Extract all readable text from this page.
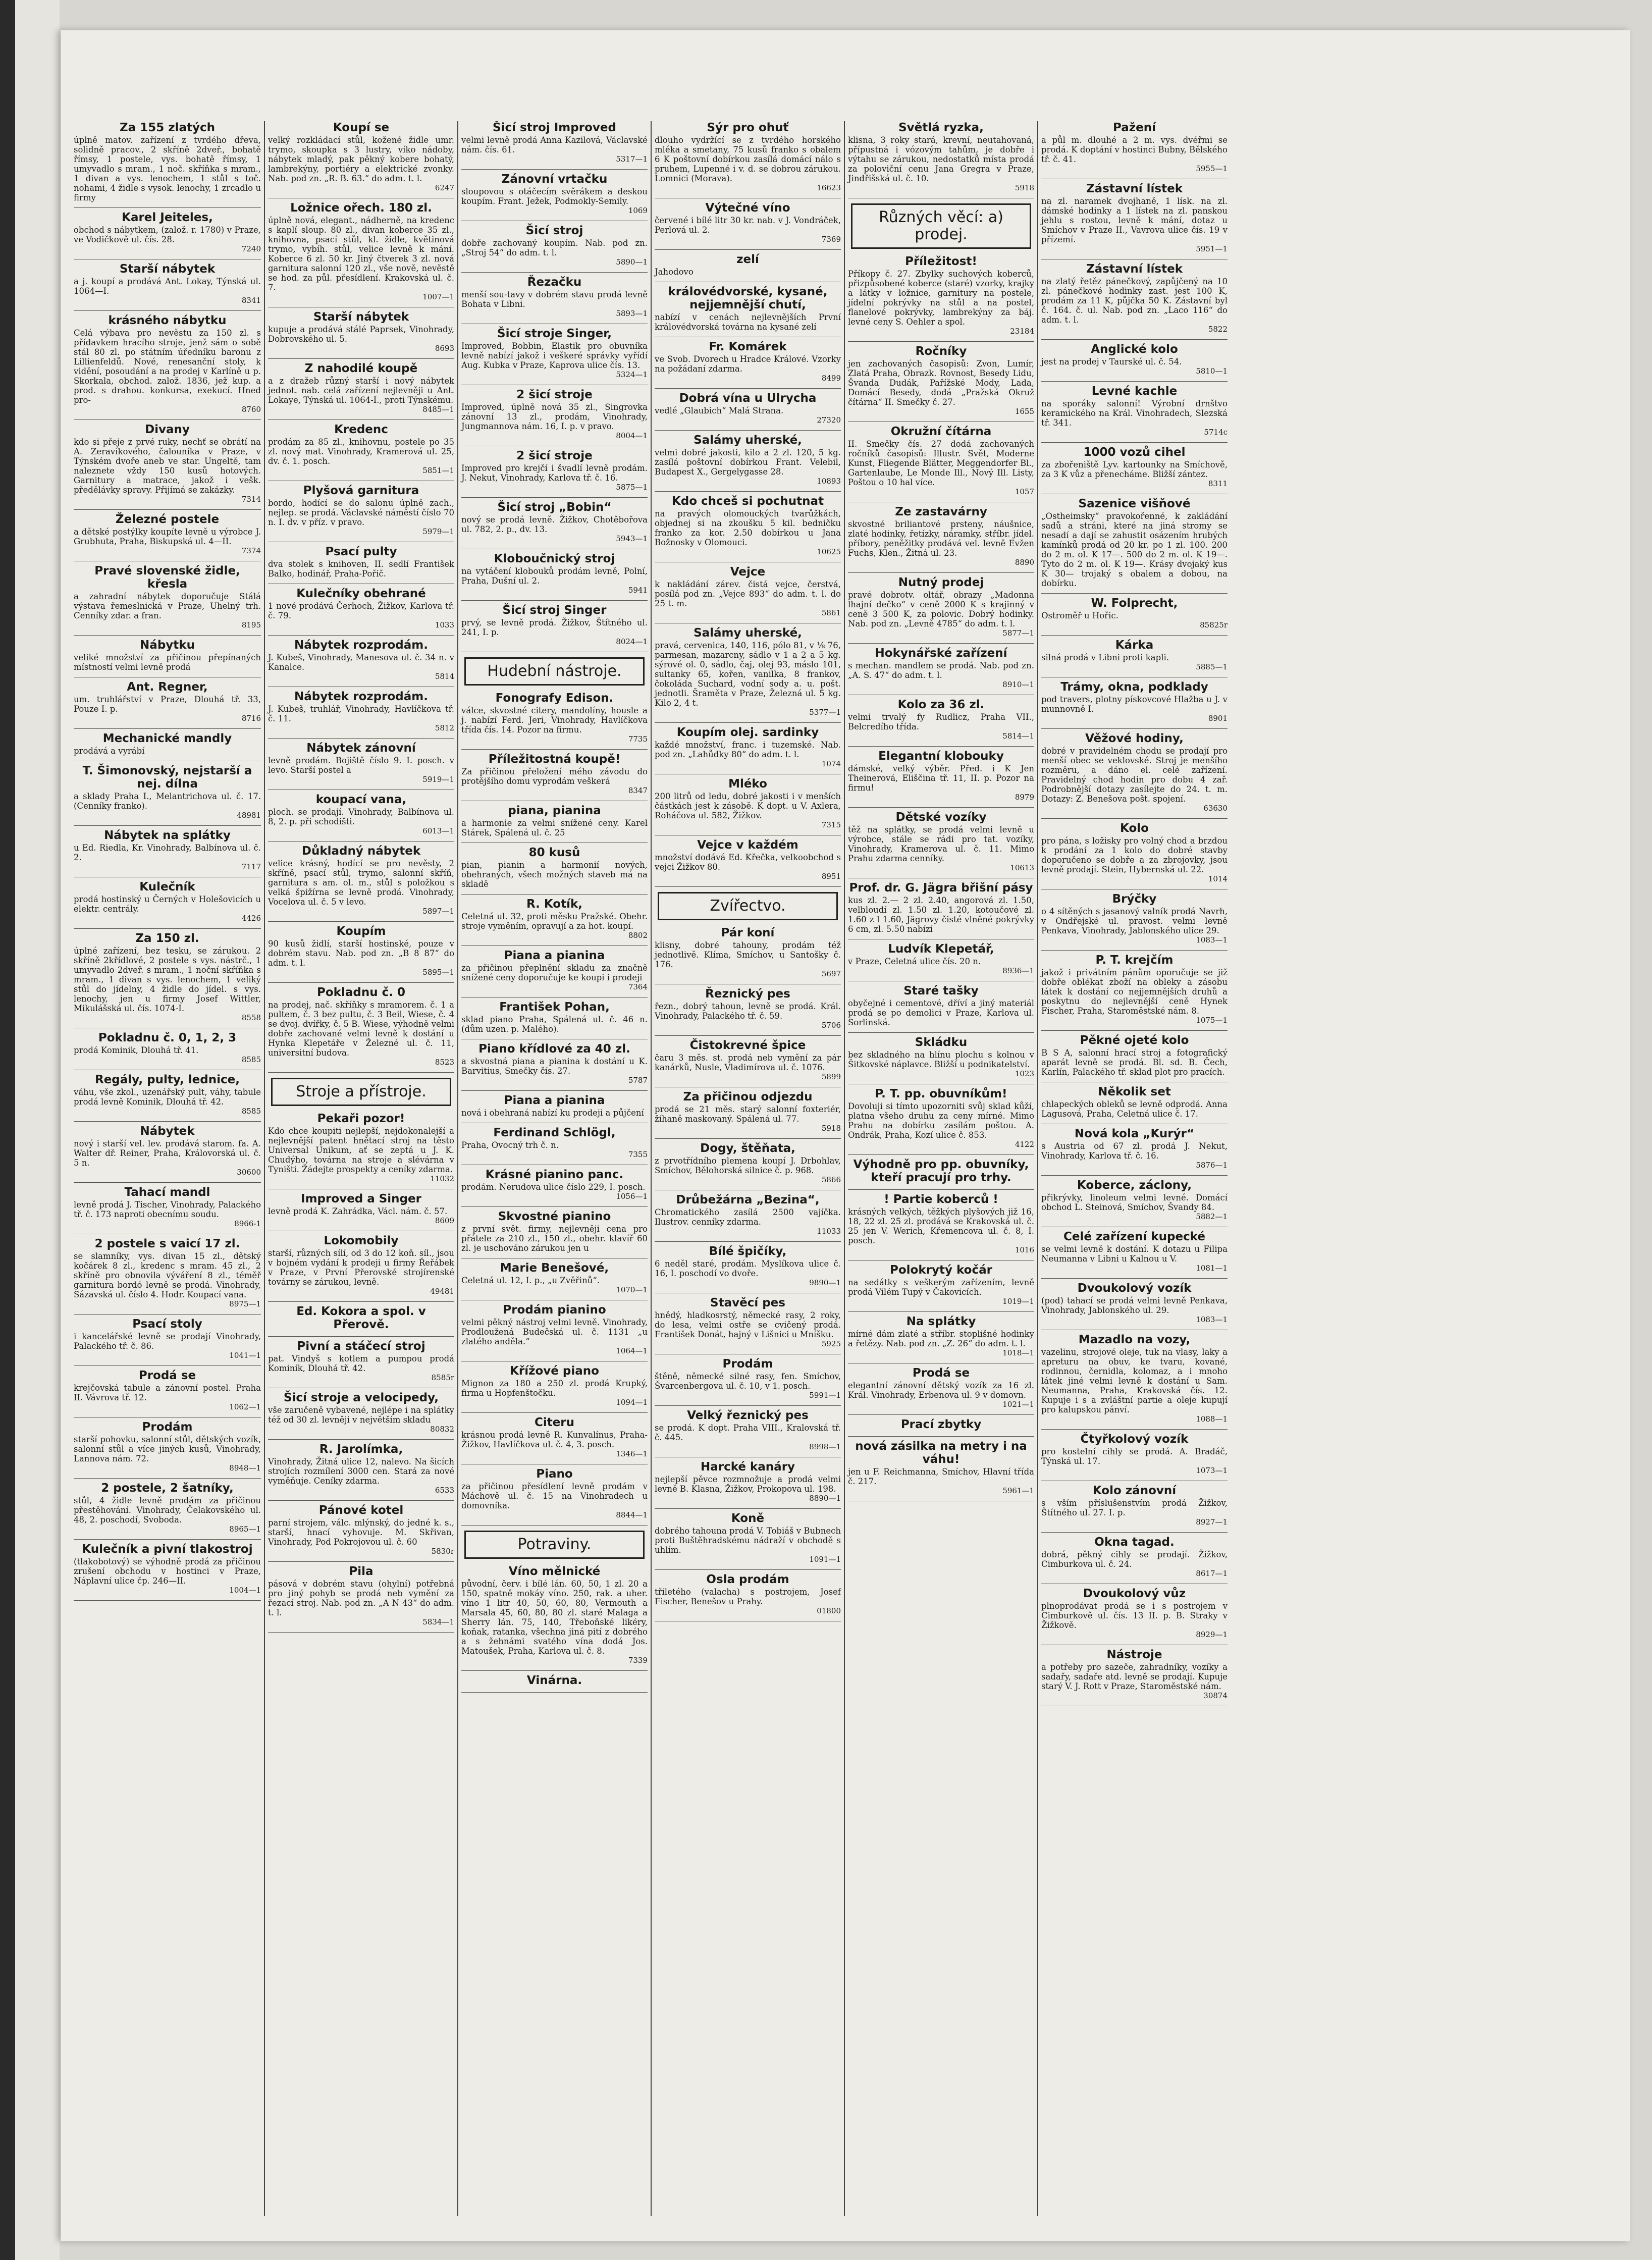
Za 155 zlatých

úplně matov. zařízení z tvrdého dřeva, solidně pracov., 2 skříně 2dveř., bohatě římsy, 1 postele, vys. bohatě římsy, 1 umyvadlo s mram., 1 noč. skříňka s mram., 1 divan a vys. lenochem, 1 stůl s toč. nohami, 4 židle s vysok. lenochy, 1 zrcadlo u firmy

Karel Jeiteles,

obchod s nábytkem, (založ. r. 1780) v Praze, ve Vodičkově ul. čís. 28.

7240

Starší nábytek

a j. koupí a prodává Ant. Lokay, Týnská ul. 1064—I.

8341

krásného nábytku

Celá výbava pro nevěstu za 150 zl. s přídavkem hracího stroje, jenž sám o sobě stál 80 zl. po státním úředníku baronu z Lillienfeldů. Nové, renesanční stoly, k vidění, posoudání a na prodej v Karlíně u p. Skorkala, obchod. založ. 1836, jež kup. a prod. s drahou. konkursa, exekucí. Hned pro-

8760

Divany

kdo si přeje z prvé ruky, nechť se obrátí na A. Zeravíkového, čalouníka v Praze, v Týnském dvoře aneb ve star. Ungeltě, tam naleznete vždy 150 kusů hotových. Garnitury a matrace, jakož i vešk. předělávky spravy. Přijímá se zakázky.

7314

Železné postele

a dětské postýlky koupíte levně u výrobce J. Grubhuta, Praha, Biskupská ul. 4—II.

7374

Pravé slovenské židle, křesla

a zahradní nábytek doporučuje Stálá výstava řemeslnická v Praze, Uhelný trh. Cenníky zdar. a fran.

8195

Nábytku

veliké množství za přičinou přepínaných místností velmi levně prodá

Ant. Regner,

um. truhlářství v Praze, Dlouhá tř. 33, Pouze I. p.

8716

Mechanické mandly

prodává a vyrábí

T. Šimonovský, nejstarší a nej. dílna

a sklady Praha I., Melantrichova ul. č. 17. (Cenníky franko).

48981

Nábytek na splátky

u Ed. Riedla, Kr. Vinohrady, Balbínova ul. č. 2.

7117

Kulečník

prodá hostinský u Černých v Holešovicích u elektr. centrály.

4426

Za 150 zl.

úplné zařízení, bez tesku, se zárukou. 2 skříně 2křídlové, 2 postele s vys. nástrč., 1 umyvadlo 2dveř. s mram., 1 noční skříňka s mram., 1 divan s vys. lenochem, 1 veliký stůl do jídelny, 4 židle do jídel. s vys. lenochy, jen u firmy Josef Wittler, Mikulášská ul. čís. 1074-I.

8558

Pokladnu č. 0, 1, 2, 3

prodá Kominik, Dlouhá tř. 41.

8585

Regály, pulty, lednice,

váhu, vše zkol., uzenářský pult, váhy, tabule prodá levně Kominik, Dlouhá tř. 42.

8585

Nábytek

nový i starší vel. lev. prodává starom. fa. A. Walter dř. Reiner, Praha, Královorská ul. č. 5 n.

30600

Tahací mandl

levně prodá J. Tischer, Vinohrady, Palackého tř. č. 173 naproti obecnímu soudu.

8966-1

2 postele s vaicí 17 zl.

se slamníky, vys. divan 15 zl., dětský kočárek 8 zl., kredenc s mram. 45 zl., 2 skříně pro obnovila výváření 8 zl., téměř garnitura bordó levně se prodá. Vinohrady, Sázavská ul. číslo 4. Hodr. Koupací vana.

8975—1

Psací stoly

i kancelářské levně se prodají Vinohrady, Palackého tř. č. 86.

1041—1

Prodá se

krejčovská tabule a zánovní postel. Praha II. Vávrova tř. 12.

1062—1

Prodám

starší pohovku, salonní stůl, dětských vozík, salonní stůl a více jiných kusů, Vinohrady, Lannova nám. 72.

8948—1

2 postele, 2 šatníky,

stůl, 4 židle levně prodám za přičinou přestěhování. Vinohrady, Čelakovského ul. 48, 2. poschodí, Svoboda.

8965—1

Kulečník a pivní tlakostroj

(tlakobotový) se výhodně prodá za přičinou zrušení obchodu v hostinci v Praze, Náplavní ulice čp. 246—II.

1004—1

Koupí se

velký rozkládací stůl, kožené židle umr. trymo, skoupka s 3 lustry, víko nádoby, nábytek mladý, pak pěkný kobere bohatý, lambrekýny, portiéry a elektrické zvonky. Nab. pod zn. „R. B. 63.“ do adm. t. l.

6247

Ložnice ořech. 180 zl.

úplně nová, elegant., nádherně, na kredenc s kaplí sloup. 80 zl., divan koberce 35 zl., knihovna, psací stůl, kl. židle, květinová trymo, vybíh. stůl, velice levně k mání. Koberce 6 zl. 50 kr. Jiný čtverek 3 zl. nová garnitura salonní 120 zl., vše nově, nevěstě se hod. za půl. přesídlení. Krakovská ul. č. 7.

1007—1

Starší nábytek

kupuje a prodává stálé Paprsek, Vinohrady, Dobrovského ul. 5.

8693

Z nahodilé koupě

a z dražeb různý starší i nový nábytek jednot. nab. celá zařízení nejlevněji u Ant. Lokaye, Týnská ul. 1064-I., proti Týnskému.

8485—1

Kredenc

prodám za 85 zl., knihovnu, postele po 35 zl. nový mat. Vinohrady, Kramerová ul. 25, dv. č. 1. posch.

5851—1

Plyšová garnitura

bordo, hodící se do salonu úplně zach., nejlep. se prodá. Václavské náměstí číslo 70 n. I. dv. v příz. v pravo.

5979—1

Psací pulty

dva stolek s knihoven, II. sedlí František Balko, hodinář, Praha-Pořič.

Kulečníky obehrané

1 nové prodává Čerhoch, Žižkov, Karlova tř. č. 79.

1033

Nábytek rozprodám.

J. Kubeš, Vinohrady, Manesova ul. č. 34 n. v Kanalce.

5814

Nábytek rozprodám.

J. Kubeš, truhlář, Vinohrady, Havlíčkova tř. č. 11.

5812

Nábytek zánovní

levně prodám. Bojiště číslo 9. I. posch. v levo. Starší postel a

5919—1

koupací vana,

ploch. se prodají. Vinohrady, Balbínova ul. 8, 2. p. při schodišti.

6013—1

Důkladný nábytek

velice krásný, hodící se pro nevěsty, 2 skříně, psací stůl, trymo, salonní skříň, garnitura s am. ol. m., stůl s položkou s velká špižírna se levně prodá. Vinohrady, Vocelova ul. č. 5 v levo.

5897—1

Koupím

90 kusů židlí, starší hostinské, pouze v dobrém stavu. Nab. pod zn. „B 8 87“ do adm. t. l.

5895—1

Pokladnu č. 0

na prodej, nač. skříňky s mramorem. č. 1 a pultem, č. 3 bez pultu, č. 3 Beil, Wiese, č. 4 se dvoj. dvířky, č. 5 B. Wiese, výhodně velmi dobře zachované velmi levně k dostání u Hynka Klepetáře v Železné ul. č. 11, universitní budova.

8523

Stroje a přístroje.
Pekaři pozor!

Kdo chce koupiti nejlepší, nejdokonalejší a nejlevnější patent hnětací stroj na těsto Universal Unikum, ať se zeptá u J. K. Chudýho, továrna na stroje a slévárna v Tyništi. Žádejte prospekty a ceníky zdarma.

11032

Improved a Singer

levně prodá K. Zahrádka, Václ. nám. č. 57.

8609

Lokomobily

starší, různých sílí, od 3 do 12 koň. síl., jsou v bojném vydání k prodeji u firmy Řeřábek v Praze, v První Přerovské strojírenské továrny se zárukou, levně.

49481

Ed. Kokora a spol. v Přerově.
Pivní a stáčecí stroj

pat. Vindyš s kotlem a pumpou prodá Kominík, Dlouhá tř. 42.

8585r

Šicí stroje a velocipedy,

vše zaručeně vybavené, nejlépe i na splátky též od 30 zl. levněji v největším skladu

80832

R. Jarolímka,

Vinohrady, Žitná ulice 12, nalevo. Na šicích strojích rozmílení 3000 cen. Stará za nové vyměňuje. Ceníky zdarma.

6533

Pánové kotel

parní strojem, válc. mlýnský, do jedné k. s., starší, hnací vyhovuje. M. Skřivan, Vinohrady, Pod Pokrojovou ul. č. 60

5830r

Pila

pásová v dobrém stavu (ohylní) potřebná pro jiný pohyb se prodá neb vymění za řezací stroj. Nab. pod zn. „A N 43“ do adm. t. l.

5834—1

Šicí stroj Improved

velmi levně prodá Anna Kazilová, Václavské nám. čís. 61.

5317—1

Zánovní vrtačku

sloupovou s otáčecím svěrákem a deskou koupím. Frant. Ježek, Podmokly-Semily.

1069

Šicí stroj

dobře zachovaný koupím. Nab. pod zn. „Stroj 54“ do adm. t. l.

5890—1

Řezačku

menší sou-tavy v dobrém stavu prodá levně Bohata v Libni.

5893—1

Šicí stroje Singer,

Improved, Bobbin, Elastik pro obuvníka levně nabízí jakož i veškeré správky vyřídí Aug. Kubka v Praze, Kaprova ulice čís. 13.

5324—1

2 šicí stroje

Improved, úplně nová 35 zl., Singrovka zánovní 13 zl., prodám, Vinohrady, Jungmannova nám. 16, I. p. v pravo.

8004—1

2 šicí stroje

Improved pro krejčí i švadlí levně prodám. J. Nekut, Vinohrady, Karlova tř. č. 16.

5875—1

Šicí stroj „Bobin“

nový se prodá levně. Žižkov, Chotěbořova ul. 782, 2. p., dv. 13.

5943—1

Kloboučnický stroj

na vytáčení klobouků prodám levně, Polní, Praha, Dušní ul. 2.

5941

Šicí stroj Singer

prvý, se levně prodá. Žižkov, Štítného ul. 241, I. p.

8024—1

Hudební nástroje.
Fonografy Edison.

válce, skvostné citery, mandolíny, housle a j. nabízí Ferd. Jeri, Vinohrady, Havlíčkova třída čís. 14. Pozor na firmu.

7735

Příležitostná koupě!

Za přičinou přeložení mého závodu do protějšího domu vyprodám veškerá

8347

piana, pianina

a harmonie za velmi snížené ceny. Karel Stárek, Spálená ul. č. 25

80 kusů

pian, pianin a harmonií nových, obehraných, všech možných staveb má na skladě

R. Kotík,

Celetná ul. 32, proti měsku Pražské. Obehr. stroje vyměním, opravují a za hot. koupí.

8802

Piana a pianina

za přičinou přeplnění skladu za značně snížené ceny doporučuje ke koupi i prodeji

7364

František Pohan,

sklad piano Praha, Spálená ul. č. 46 n. (dům uzen. p. Malého).

Piano křídlové za 40 zl.

a skvostná piana a pianina k dostání u K. Barvitius, Smečky čís. 27.

5787

Piana a pianina

nová i obehraná nabízí ku prodeji a půjčení

Ferdinand Schlögl,

Praha, Ovocný trh č. n.

7355

Krásné pianino panc.

prodám. Nerudova ulice číslo 229, I. posch.

1056—1

Skvostné pianino

z první svět. firmy, nejlevněji cena pro přátele za 210 zl., 150 zl., obehr. klavíř 60 zl. je uschováno zárukou jen u

Marie Benešové,

Celetná ul. 12, I. p., „u Zvěřinů“.

1070—1

Prodám pianino

velmi pěkný nástroj velmi levně. Vinohrady, Prodloužená Budečská ul. č. 1131 „u zlatého anděla.“

1064—1

Křížové piano

Mignon za 180 a 250 zl. prodá Krupký, firma u Hopfenštočku.

1094—1

Citeru

krásnou prodá levně R. Kunvalínus, Praha-Žižkov, Havlíčkova ul. č. 4, 3. posch.

1346—1

Piano

za přičinou přesídlení levně prodám v Máchově ul. č. 15 na Vinohradech u domovníka.

8844—1

Potraviny.
Víno mělnické

původní, červ. i bílé lán. 60, 50, 1 zl. 20 a 150, spatně mokáy víno. 250, rak. a uher. víno 1 litr 40, 50, 60, 80, Vermouth a Marsala 45, 60, 80, 80 zl. staré Malaga a Sherry lán. 75, 140, Třeboňské likéry, koňak, ratanka, všechna jiná pití z dobrého a s žehnámi svatého vína dodá Jos. Matoušek, Praha, Karlova ul. č. 8.

7339

Vinárna.
Sýr pro ohuť

dlouho vydržící se z tvrdého horského mléka a smetany, 75 kusů franko s obalem 6 K poštovní dobírkou zasílá domácí nálo s pruhem, Lupenné i v. d. se dobrou zárukou. Lomnici (Morava).

16623

Výtečné víno

červené i bílé litr 30 kr. nab. v J. Vondráček, Perlová ul. 2.

7369

zelí

Jahodovo

královédvorské, kysané, nejjemnější chutí,

nabízí v cenách nejlevnějších První královédvorská továrna na kysané zelí

Fr. Komárek

ve Svob. Dvorech u Hradce Králové. Vzorky na požádaní zdarma.

8499

Dobrá vína u Ulrycha

vedlé „Glaubich“ Malá Strana.

27320

Salámy uherské,

velmi dobré jakosti, kilo a 2 zl. 120, 5 kg. zasílá poštovní dobírkou Frant. Velebil, Budapest X., Gergelygasse 28.

10893

Kdo chceš si pochutnat

na pravých olomouckých tvarůžkách, objednej si na zkoušku 5 kil. bedničku franko za kor. 2.50 dobírkou u Jana Božnosky v Olomouci.

10625

Vejce

k nakládání zárev. čistá vejce, čerstvá, posílá pod zn. „Vejce 893“ do adm. t. l. do 25 t. m.

5861

Salámy uherské,

pravá, cervenica, 140, 116, pólo 81, v ⅛ 76, parmesan, mazarcny, sádlo v 1 a 2 a 5 kg. sýrové ol. 0, sádlo, čaj, olej 93, máslo 101, sultanky 65, kořen, vanilka, 8 frankov, čokoláda Suchard, vodní sody a. u. pošt. jednotli. Šraměta v Praze, Železná ul. 5 kg. Kilo 2, 4 t.

5377—1

Koupím olej. sardinky

každé množství, franc. i tuzemské. Nab. pod zn. „Lahůdky 80“ do adm. t. l.

1074

Mléko

200 litrů od ledu, dobré jakosti i v menších částkách jest k zásobě. K dopt. u V. Axlera, Roháčova ul. 582, Žižkov.

7315

Vejce v každém

množství dodává Ed. Křečka, velkoobchod s vejci Žižkov 80.

8951

Zvířectvo.
Pár koní

klisny, dobré tahouny, prodám též jednotlivě. Klíma, Smíchov, u Santošky č. 176.

5697

Řeznický pes

řezn., dobrý tahoun, levně se prodá. Král. Vinohrady, Palackého tř. č. 59.

5706

Čistokrevné špice

čaru 3 měs. st. prodá neb vymění za pár kanárků, Nusle, Vladimírova ul. č. 1076.

5899

Za přičinou odjezdu

prodá se 21 měs. starý salonní foxteriér, žíhaně maskovaný. Spálená ul. 77.

5918

Dogy, štěňata,

z prvotřídního plemena koupí J. Drbohlav, Smíchov, Bělohorská silnice č. p. 968.

5866

Drůbežárna „Bezina“,

Chromatického zasílá 2500 vajíčka. Ilustrov. cenníky zdarma.

11033

Bílé špičíky,

6 neděl staré, prodám. Myslíkova ulice č. 16, I. poschodí vo dvoře.

9890—1

Stavěcí pes

hnědý, hladkosrstý, německé rasy, 2 roky, do lesa, velmi ostře se cvičený prodá. František Donát, hajný v Lišnici u Mníšku.

5925

Prodám

štěně, německé silné rasy, fen. Smíchov, Švarcenbergova ul. č. 10, v 1. posch.

5991—1

Velký řeznický pes

se prodá. K dopt. Praha VIII., Kralovská tř. č. 445.

8998—1

Harcké kanáry

nejlepší pěvce rozmnožuje a prodá velmi levně B. Klasna, Žižkov, Prokopova ul. 198.

8890—1

Koně

dobrého tahouna prodá V. Tobiáš v Bubnech proti Buštěhradskému nádraží v obchodě s uhlím.

1091—1

Osla prodám

třiletého (valacha) s postrojem, Josef Fischer, Benešov u Prahy.

01800

Světlá ryzka,

klisna, 3 roky stará, krevní, neutahovaná, přípustná i vózovým tahům, je dobře i výtahu se zárukou, nedostatků místa prodá za poloviční cenu Jana Gregra v Praze, Jindřišská ul. č. 10.

5918

Různých věcí: a) prodej.
Příležitost!

Příkopy č. 27. Zbylky suchových koberců, přizpůsobené koberce (staré) vzorky, krajky a látky v ložnice, garnitury na postele, jídelní pokrývky na stůl a na postel, flanelové pokrývky, lambrekýny za báj. levné ceny S. Oehler a spol.

23184

Ročníky

jen zachovaných časopisů: Zvon, Lumír, Zlatá Praha, Obrazk. Rovnost, Besedy Lidu, Švanda Dudák, Pařížské Mody, Lada, Domácí Besedy, dodá „Pražská Okruž čítárna“ II. Smečky č. 27.

1655

Okružní čítárna

II. Smečky čís. 27 dodá zachovaných ročníků časopisů: Illustr. Svět, Moderne Kunst, Fliegende Blätter, Meggendorfer Bl., Gartenlaube, Le Monde Ill., Nový Ill. Listy, Poštou o 10 hal více.

1057

Ze zastavárny

skvostné briliantové prsteny, náušnice, zlaté hodinky, řetízky, náramky, stříbr. jídel. příbory, peněžitky prodává vel. levně Evžen Fuchs, Klen., Žitná ul. 23.

8890

Nutný prodej

pravé dobrotv. oltář, obrazy „Madonna lhajní dečko“ v ceně 2000 K s krajinný v ceně 3 500 K, za polovic. Dobrý hodinky. Nab. pod zn. „Levně 4785“ do adm. t. l.

5877—1

Hokynářské zařízení

s mechan. mandlem se prodá. Nab. pod zn. „A. S. 47“ do adm. t. l.

8910—1

Kolo za 36 zl.

velmi trvalý fy Rudlicz, Praha VII., Belcredího třída.

5814—1

Elegantní klobouky

dámské, velký výběr. Před. i K Jen Theinerová, Eliščina tř. 11, II. p. Pozor na firmu!

8979

Dětské vozíky

těž na splátky, se prodá velmi levně u výrobce, stále se rádi pro tat. vozíky, Vinohrady, Kramerova ul. č. 11. Mimo Prahu zdarma cenníky.

10613

Prof. dr. G. Jägra břišní pásy

kus zl. 2.— 2 zl. 2.40, angorová zl. 1.50, velbloudí zl. 1.50 zl. 1.20, kotoučové zl. 1.60 z l 1.60, Jägrovy čisté vlněné pokrývky 6 cm, zl. 5.50 nabízí

Ludvík Klepetář,

v Praze, Celetná ulice čís. 20 n.

8936—1

Staré tašky

obyčejné i cementové, dříví a jiný materiál prodá se po demolici v Praze, Karlova ul. Sorlinská.

Skládku

bez skladného na hlínu plochu s kolnou v Šitkovské náplavce. Bližší u podnikatelství.

1023

P. T. pp. obuvníkům!

Dovoluji si tímto upozorniti svůj sklad kůží, platna všeho druhu za ceny mírné. Mimo Prahu na dobírku zasílám poštou. A. Ondrák, Praha, Kozí ulice č. 853.

4122

Výhodně pro pp. obuvníky, kteří pracují pro trhy.
! Partie koberců !

krásných velkých, těžkých plyšových již 16, 18, 22 zl. 25 zl. prodává se Krakovská ul. č. 25 jen V. Werich, Křemencova ul. č. 8, I. posch.

1016

Polokrytý kočár

na sedátky s veškerým zařízením, levně prodá Vilém Tupý v Čakovicích.

1019—1

Na splátky

mírné dám zlaté a stříbr. stoplišné hodinky a řetězy. Nab. pod zn. „Z. 26“ do adm. t. l.

1018—1

Prodá se

elegantní zánovní dětský vozík za 16 zl. Král. Vinohrady, Erbenova ul. 9 v domovn.

1021—1

Prací zbytky
nová zásilka na metry i na váhu!

jen u F. Reichmanna, Smíchov, Hlavní třída č. 217.

5961—1

Pažení

a půl m. dlouhé a 2 m. vys. dvéřmi se prodá. K doptání v hostinci Bubny, Bělského tř. č. 41.

5955—1

Zástavní lístek

na zl. naramek dvojhaně, 1 lísk. na zl. dámské hodinky a 1 lístek na zl. panskou jehlu s rostou, levně k mání, dotaz u Smíchov v Praze II., Vavrova ulice čís. 19 v přízemí.

5951—1

Zástavní lístek

na zlatý řetěz pánečkový, zapůjčený na 10 zl. pánečkové hodinky zast. jest 100 K, prodám za 11 K, půjčka 50 K. Zástavní byl č. 164. č. ul. Nab. pod zn. „Laco 116“ do adm. t. l.

5822

Anglické kolo

jest na prodej v Taurské ul. č. 54.

5810—1

Levné kachle

na sporáky salonní! Výrobní drnštvo keramického na Král. Vinohradech, Slezská tř. 341.

5714c

1000 vozů cihel

za zbořeniště Lyv. kartounky na Smíchově, za 3 K vůz a přenecháme. Bližší zántez.

8311

Sazenice višňové

„Ostheimsky“ pravokořenné, k zakládání sadů a stráni, které na jiná stromy se nesadí a dají se zahustit osázením hrubých kamínků prodá od 20 kr. po 1 zl. 100. 200 do 2 m. ol. K 17—. 500 do 2 m. ol. K 19—. Tyto do 2 m. ol. K 19—. Krásy dvojaký kus K 30— trojaký s obalem a dobou, na dobírku.

W. Folprecht,

Ostroměř u Hořic.

85825r

Kárka

silná prodá v Libni proti kapli.

5885—1

Trámy, okna, podklady

pod travers, plotny pískovcové Hlažba u J. v munnovně I.

8901

Věžové hodiny,

dobré v pravidelném chodu se prodají pro menší obec se veklovské. Stroj je menšího rozměru, a dáno el. celé zařízení. Pravidelný chod hodin pro dobu 4 zař. Podrobnější dotazy zasílejte do 24. t. m. Dotazy: Z. Benešova pošt. spojení.

63630

Kolo

pro pána, s ložisky pro volný chod a brzdou k prodání za 1 kolo do dobré stavby doporučeno se dobře a za zbrojovky, jsou levně prodají. Stein, Hybernská ul. 22.

1014

Brýčky

o 4 sítěných s jasanový valník prodá Navrh, v Ondřejské ul. pravost. velmi levně Penkava, Vinohrady, Jablonského ulice 29.

1083—1

P. T. krejčím

jakož i privátním pánům oporučuje se již dobře oblékat zboží na obleky a zásobu látek k dostání co nejjemnějších druhů a poskytnu do nejlevnější ceně Hynek Fischer, Praha, Staroměstské nám. 8.

1075—1

Pěkné ojeté kolo

B S A, salonní hrací stroj a fotografický aparát levně se prodá. Bl. sd. B. Čech, Karlín, Palackého tř. sklad plot pro pracích.

Několik set

chlapeckých obleků se levně odprodá. Anna Lagusová, Praha, Celetná ulice č. 17.

Nová kola „Kurýr“

s Austria od 67 zl. prodá J. Nekut, Vinohrady, Karlova tř. č. 16.

5876—1

Koberce, záclony,

přikrývky, linoleum velmi levné. Domácí obchod L. Steinová, Smíchov, Švandy 84.

5882—1

Celé zařízení kupecké

se velmi levně k dostání. K dotazu u Filipa Neumanna v Libni u Kalnou u V.

1081—1

Dvoukolový vozík

(pod) tahací se prodá velmi levně Penkava, Vinohrady, Jablonského ul. 29.

1083—1

Mazadlo na vozy,

vazelinu, strojové oleje, tuk na vlasy, laky a apreturu na obuv, ke tvaru, kované, rodinnou, černidla, kolomaz, a i mnoho látek jiné velmi levně k dostání u Sam. Neumanna, Praha, Krakovská čís. 12. Kupuje i s a zvláštní partie a oleje kupují pro kalupskou pánví.

1088—1

Čtyřkolový vozík

pro kostelní cihly se prodá. A. Bradáč, Týnská ul. 17.

1073—1

Kolo zánovní

s vším příslušenstvím prodá Žižkov, Štítného ul. 27. I. p.

8927—1

Okna tagad.

dobrá, pěkný cihly se prodají. Žižkov, Cimburkova ul. č. 24.

8617—1

Dvoukolový vůz

plnoprodávat prodá se i s postrojem v Cimburkově ul. čís. 13 II. p. B. Straky v Žižkově.

8929—1

Nástroje

a potřeby pro sazeče, zahradníky, vozíky a sadařy, sadaře atd. levně se prodají. Kupuje starý V. J. Rott v Praze, Staroměstské nám.

30874
